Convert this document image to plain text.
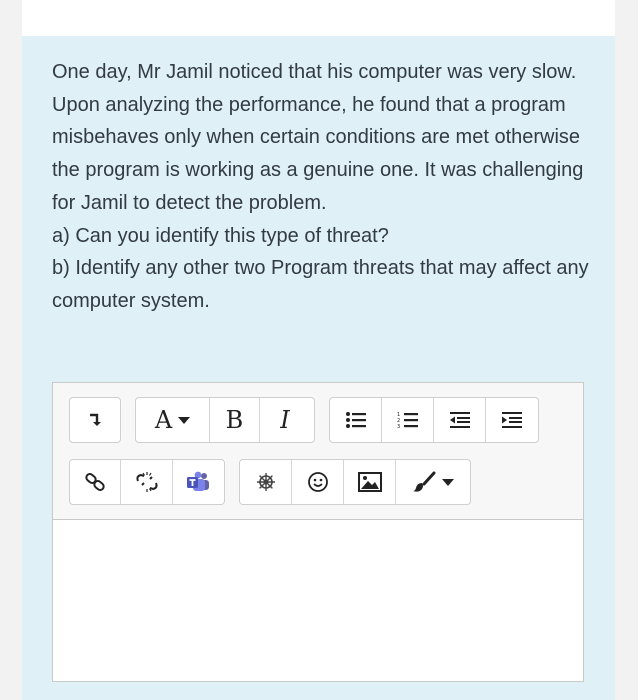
One day, Mr Jamil noticed that his computer was very slow. Upon analyzing the performance, he found that a program misbehaves only when certain conditions are met otherwise the program is working as a genuine one. It was challenging for Jamil to detect the problem.

a) Can you identify this type of threat?

b) Identify any other two Program threats that may affect any computer system.

A B I	1
2
3
